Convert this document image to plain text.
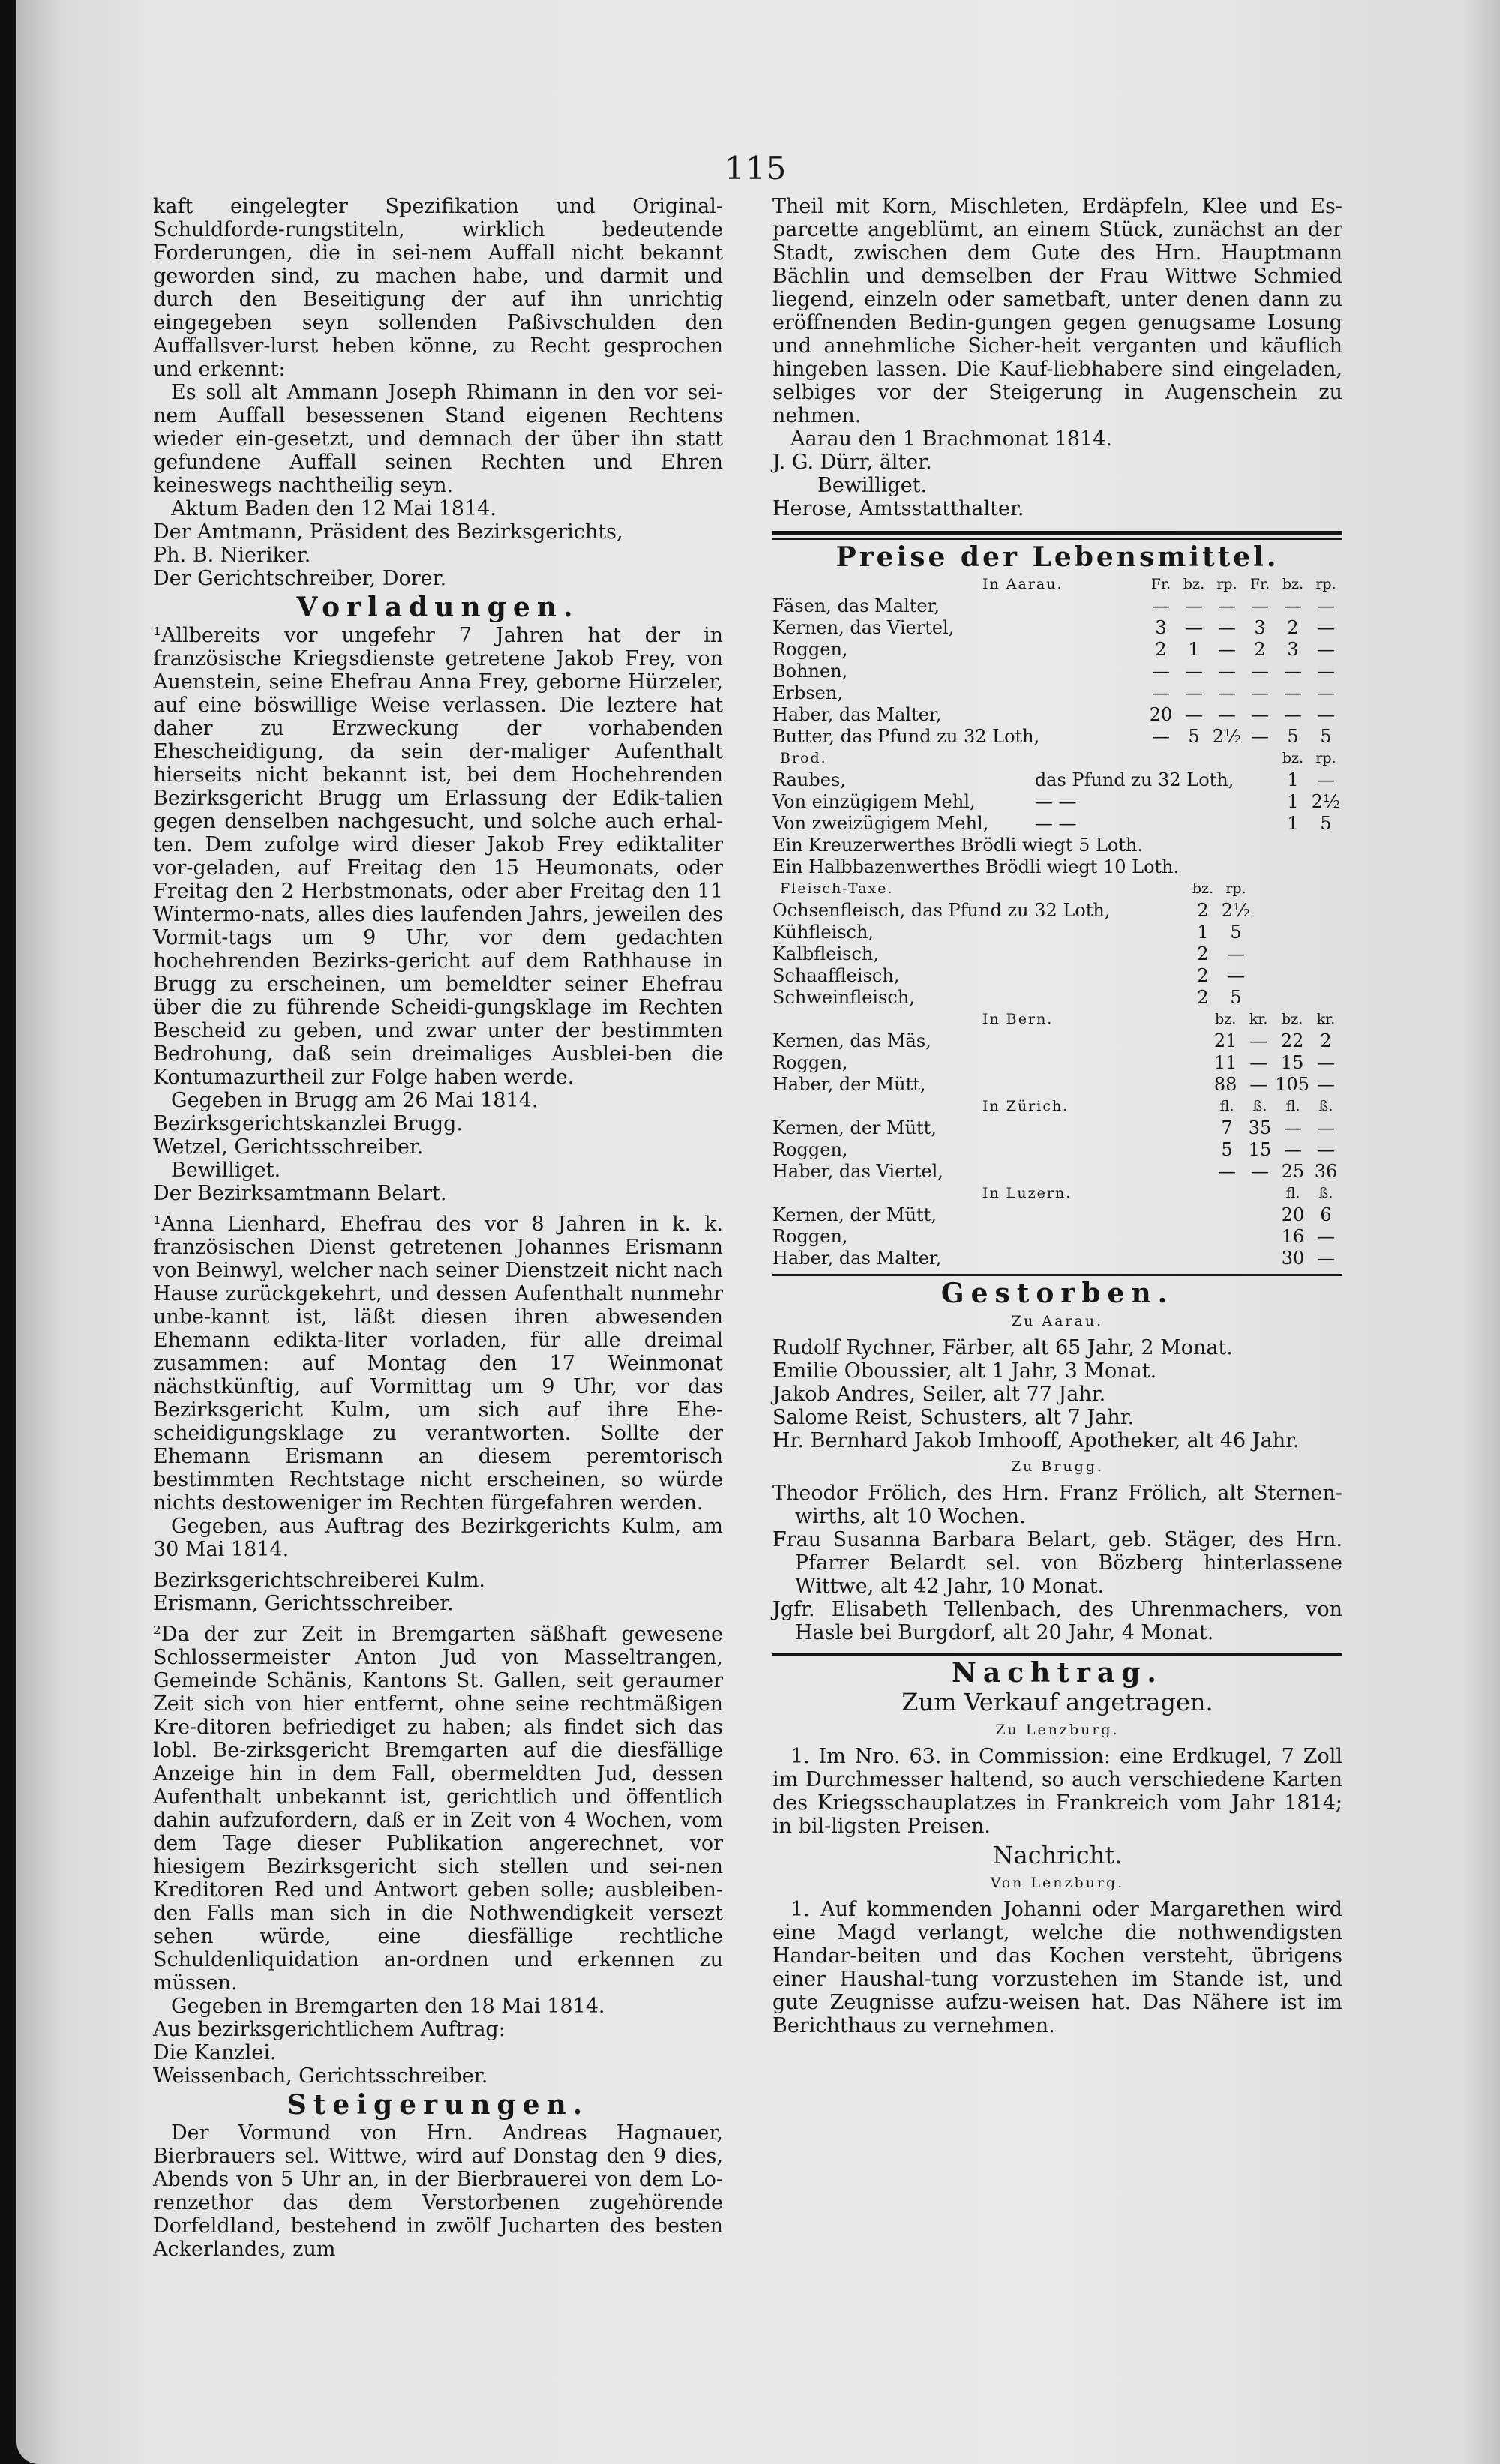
115

kaft eingelegter Spezifikation und Original-Schuldforde-rungstiteln, wirklich bedeutende Forderungen, die in sei-nem Auffall nicht bekannt geworden sind, zu machen habe, und darmit und durch den Beseitigung der auf ihn unrichtig eingegeben seyn sollenden Paßivschulden den Auffallsver-lurst heben könne, zu Recht gesprochen und erkennt:

Es soll alt Ammann Joseph Rhimann in den vor sei-nem Auffall besessenen Stand eigenen Rechtens wieder ein-gesetzt, und demnach der über ihn statt gefundene Auffall seinen Rechten und Ehren keineswegs nachtheilig seyn.

Aktum Baden den 12 Mai 1814.

Der Amtmann, Präsident des Bezirksgerichts,

Ph. B. Nieriker.

Der Gerichtschreiber, Dorer.

Vorladungen.

¹Allbereits vor ungefehr 7 Jahren hat der in französische Kriegsdienste getretene Jakob Frey, von Auenstein, seine Ehefrau Anna Frey, geborne Hürzeler, auf eine böswillige Weise verlassen. Die leztere hat daher zu Erzweckung der vorhabenden Ehescheidigung, da sein der-maliger Aufenthalt hierseits nicht bekannt ist, bei dem Hochehrenden Bezirksgericht Brugg um Erlassung der Edik-talien gegen denselben nachgesucht, und solche auch erhal-ten. Dem zufolge wird dieser Jakob Frey ediktaliter vor-geladen, auf Freitag den 15 Heumonats, oder Freitag den 2 Herbstmonats, oder aber Freitag den 11 Wintermo-nats, alles dies laufenden Jahrs, jeweilen des Vormit-tags um 9 Uhr, vor dem gedachten hochehrenden Bezirks-gericht auf dem Rathhause in Brugg zu erscheinen, um bemeldter seiner Ehefrau über die zu führende Scheidi-gungsklage im Rechten Bescheid zu geben, und zwar unter der bestimmten Bedrohung, daß sein dreimaliges Ausblei-ben die Kontumazurtheil zur Folge haben werde.

Gegeben in Brugg am 26 Mai 1814.

Bezirksgerichtskanzlei Brugg.

Wetzel, Gerichtsschreiber.

Bewilliget.

Der Bezirksamtmann Belart.

¹Anna Lienhard, Ehefrau des vor 8 Jahren in k. k. französischen Dienst getretenen Johannes Erismann von Beinwyl, welcher nach seiner Dienstzeit nicht nach Hause zurückgekehrt, und dessen Aufenthalt nunmehr unbe-kannt ist, läßt diesen ihren abwesenden Ehemann edikta-liter vorladen, für alle dreimal zusammen: auf Montag den 17 Weinmonat nächstkünftig, auf Vormittag um 9 Uhr, vor das Bezirksgericht Kulm, um sich auf ihre Ehe-scheidigungsklage zu verantworten. Sollte der Ehemann Erismann an diesem peremtorisch bestimmten Rechtstage nicht erscheinen, so würde nichts destoweniger im Rechten fürgefahren werden.

Gegeben, aus Auftrag des Bezirkgerichts Kulm, am 30 Mai 1814.

Bezirksgerichtschreiberei Kulm.

Erismann, Gerichtsschreiber.

²Da der zur Zeit in Bremgarten säßhaft gewesene Schlossermeister Anton Jud von Masseltrangen, Gemeinde Schänis, Kantons St. Gallen, seit geraumer Zeit sich von hier entfernt, ohne seine rechtmäßigen Kre-ditoren befriediget zu haben; als findet sich das lobl. Be-zirksgericht Bremgarten auf die diesfällige Anzeige hin in dem Fall, obermeldten Jud, dessen Aufenthalt unbekannt ist, gerichtlich und öffentlich dahin aufzufordern, daß er in Zeit von 4 Wochen, vom dem Tage dieser Publikation angerechnet, vor hiesigem Bezirksgericht sich stellen und sei-nen Kreditoren Red und Antwort geben solle; ausbleiben-den Falls man sich in die Nothwendigkeit versezt sehen würde, eine diesfällige rechtliche Schuldenliquidation an-ordnen und erkennen zu müssen.

Gegeben in Bremgarten den 18 Mai 1814.

Aus bezirksgerichtlichem Auftrag:

Die Kanzlei.

Weissenbach, Gerichtsschreiber.

Steigerungen.

Der Vormund von Hrn. Andreas Hagnauer, Bierbrauers sel. Wittwe, wird auf Donstag den 9 dies, Abends von 5 Uhr an, in der Bierbrauerei von dem Lo-renzethor das dem Verstorbenen zugehörende Dorfeldland, bestehend in zwölf Jucharten des besten Ackerlandes, zum

Theil mit Korn, Mischleten, Erdäpfeln, Klee und Es-parcette angeblümt, an einem Stück, zunächst an der Stadt, zwischen dem Gute des Hrn. Hauptmann Bächlin und demselben der Frau Wittwe Schmied liegend, einzeln oder sametbaft, unter denen dann zu eröffnenden Bedin-gungen gegen genugsame Losung und annehmliche Sicher-heit verganten und käuflich hingeben lassen. Die Kauf-liebhabere sind eingeladen, selbiges vor der Steigerung in Augenschein zu nehmen.

Aarau den 1 Brachmonat 1814.

J. G. Dürr, älter.

Bewilliget.

Herose, Amtsstatthalter.

Preise der Lebensmittel.
In Aarau.	Fr.	bz.	rp.	Fr.	bz.	rp.
Fäsen, das Malter,	—	—	—	—	—	—
Kernen, das Viertel,	3	—	—	3	2	—
Roggen,	2	1	—	2	3	—
Bohnen,	—	—	—	—	—	—
Erbsen,	—	—	—	—	—	—
Haber, das Malter,	20	—	—	—	—	—
Butter, das Pfund zu 32 Loth,	—	5	2½	—	5	5
Brod.		bz.	rp.
Raubes,	das Pfund zu 32 Loth,	1	—
Von einzügigem Mehl,	— —	1	2½
Von zweizügigem Mehl,	— —	1	5

Ein Kreuzerwerthes Brödli wiegt 5 Loth.

Ein Halbbazenwerthes Brödli wiegt 10 Loth.

Fleisch-Taxe.	bz.	rp.	
Ochsenfleisch, das Pfund zu 32 Loth,	2	2½	
Kühfleisch,	1	5	
Kalbfleisch,	2	—	
Schaaffleisch,	2	—	
Schweinfleisch,	2	5	
In Bern.	bz.	kr.	bz.	kr.
Kernen, das Mäs,	21	—	22	2
Roggen,	11	—	15	—
Haber, der Mütt,	88	—	105	—
In Zürich.	fl.	ß.	fl.	ß.
Kernen, der Mütt,	7	35	—	—
Roggen,	5	15	—	—
Haber, das Viertel,	—	—	25	36
In Luzern.	fl.	ß.
Kernen, der Mütt,	20	6
Roggen,	16	—
Haber, das Malter,	30	—
Gestorben.
Zu Aarau.

Rudolf Rychner, Färber, alt 65 Jahr, 2 Monat.

Emilie Oboussier, alt 1 Jahr, 3 Monat.

Jakob Andres, Seiler, alt 77 Jahr.

Salome Reist, Schusters, alt 7 Jahr.

Hr. Bernhard Jakob Imhooff, Apotheker, alt 46 Jahr.

Zu Brugg.

Theodor Frölich, des Hrn. Franz Frölich, alt Sternen-wirths, alt 10 Wochen.

Frau Susanna Barbara Belart, geb. Stäger, des Hrn. Pfarrer Belardt sel. von Bözberg hinterlassene Wittwe, alt 42 Jahr, 10 Monat.

Jgfr. Elisabeth Tellenbach, des Uhrenmachers, von Hasle bei Burgdorf, alt 20 Jahr, 4 Monat.

Nachtrag.
Zum Verkauf angetragen.
Zu Lenzburg.

1. Im Nro. 63. in Commission: eine Erdkugel, 7 Zoll im Durchmesser haltend, so auch verschiedene Karten des Kriegsschauplatzes in Frankreich vom Jahr 1814; in bil-ligsten Preisen.

Nachricht.
Von Lenzburg.

1. Auf kommenden Johanni oder Margarethen wird eine Magd verlangt, welche die nothwendigsten Handar-beiten und das Kochen versteht, übrigens einer Haushal-tung vorzustehen im Stande ist, und gute Zeugnisse aufzu-weisen hat. Das Nähere ist im Berichthaus zu vernehmen.
